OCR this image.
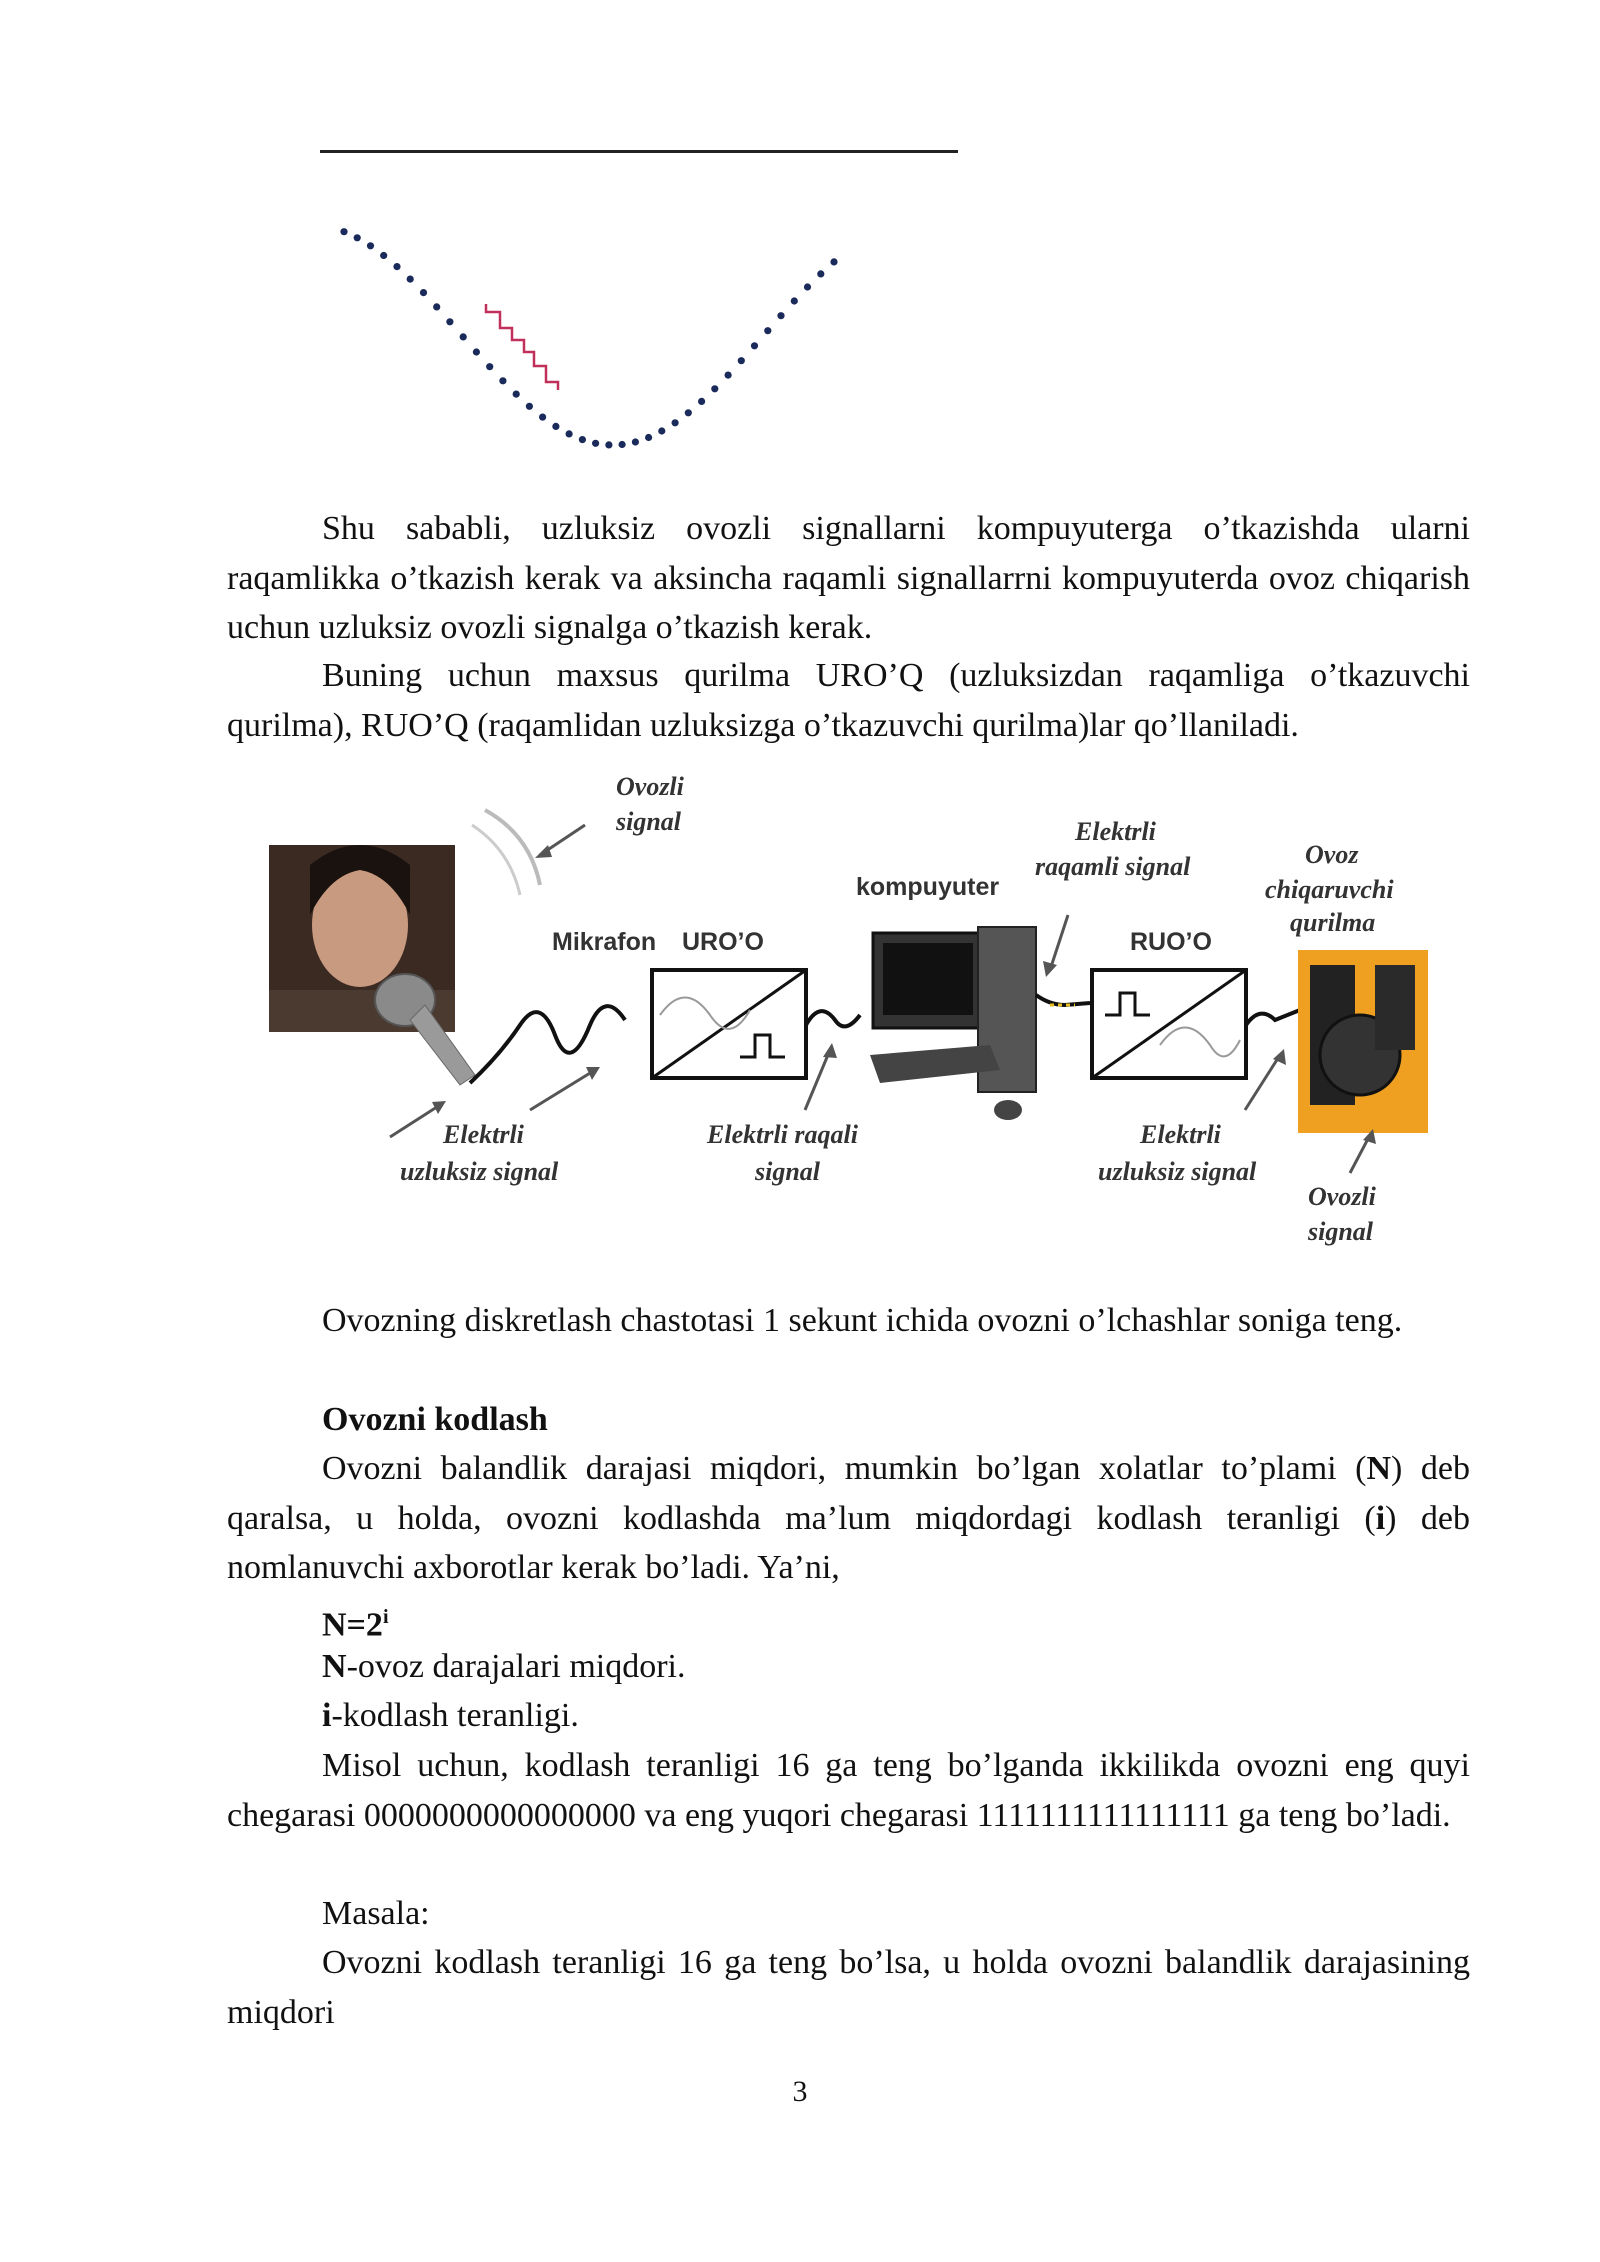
Shu sababli, uzluksiz ovozli signallarni kompuyuterga o’tkazishda ularni raqamlikka o’tkazish kerak va aksincha raqamli signallarrni kompuyuterda ovoz chiqarish uchun uzluksiz ovozli signalga o’tkazish kerak.

Buning uchun maxsus qurilma URO’Q (uzluksizdan raqamliga o’tkazuvchi qurilma), RUO’Q (raqamlidan uzluksizga o’tkazuvchi qurilma)lar qo’llaniladi.

Ovozli
signal
Mikrafon URO’O
kompuyuter
Elektrli
raqamli signal
RUO’O
Ovoz
chiqaruvchi
qurilma
Elektrli
uzluksiz signal
Elektrli raqali
signal
Elektrli
uzluksiz signal
Ovozli
signal

Ovozning diskretlash chastotasi 1 sekunt ichida ovozni o’lchashlar soniga teng.

Ovozni kodlash

Ovozni balandlik darajasi miqdori, mumkin bo’lgan xolatlar to’plami (N) deb qaralsa, u holda, ovozni kodlashda ma’lum miqdordagi kodlash teranligi (i) deb nomlanuvchi axborotlar kerak bo’ladi. Ya’ni,

$N=2^i$

N-ovoz darajalari miqdori.

i-kodlash teranligi.

Misol uchun, kodlash teranligi 16 ga teng bo’lganda ikkilikda ovozni eng quyi chegarasi 0000000000000000 va eng yuqori chegarasi 1111111111111111 ga teng bo’ladi.

Masala:

Ovozni kodlash teranligi 16 ga teng bo’lsa, u holda ovozni balandlik darajasining miqdori

3
